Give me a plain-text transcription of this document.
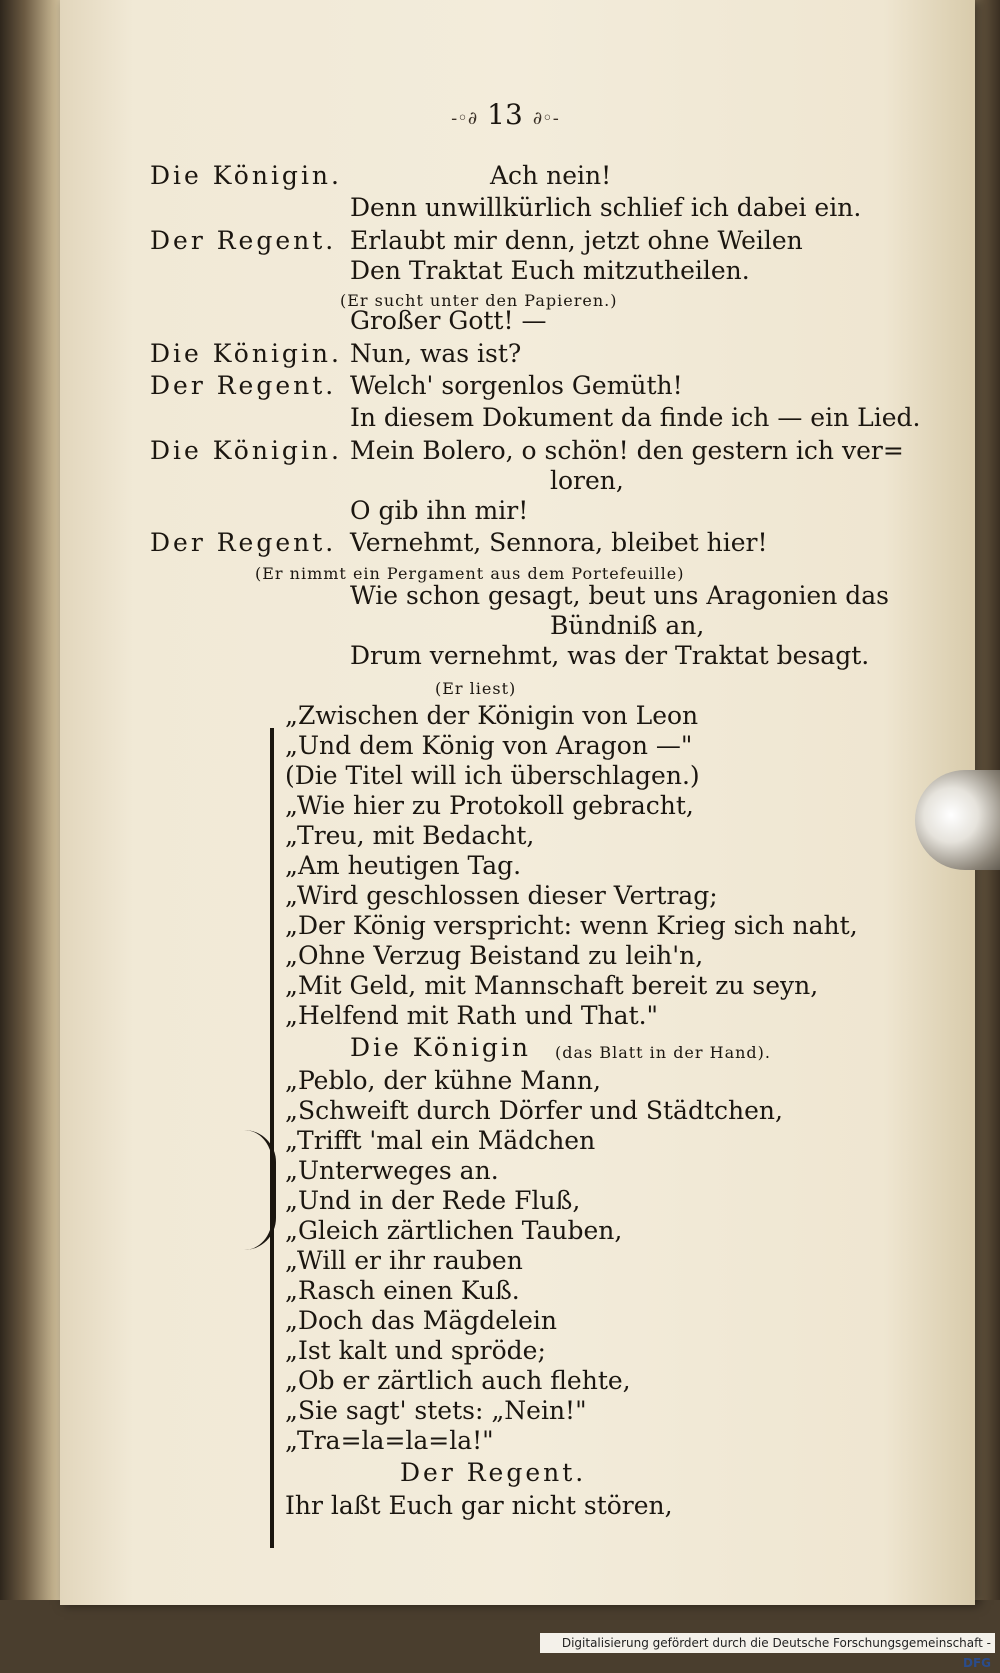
-◦∂ 13 ∂◦-
Die Königin.	Ach nein!
Denn unwillkürlich schlief ich dabei ein.
Der Regent. Erlaubt mir denn, jetzt ohne Weilen
Den Traktat Euch mitzutheilen.
(Er sucht unter den Papieren.)
Großer Gott! —
Die Königin. Nun, was ist?
Der Regent. Welch' sorgenlos Gemüth!
In diesem Dokument da finde ich — ein Lied.
Die Königin. Mein Bolero, o schön! den gestern ich ver=
loren,
O gib ihn mir!
Der Regent. Vernehmt, Sennora, bleibet hier!
(Er nimmt ein Pergament aus dem Portefeuille)
Wie schon gesagt, beut uns Aragonien das
Bündniß an,
Drum vernehmt, was der Traktat besagt.
(Er liest)
„Zwischen der Königin von Leon
„Und dem König von Aragon —"
(Die Titel will ich überschlagen.)
„Wie hier zu Protokoll gebracht,
„Treu, mit Bedacht,
„Am heutigen Tag.
„Wird geschlossen dieser Vertrag;
„Der König verspricht: wenn Krieg sich naht,
„Ohne Verzug Beistand zu leih'n,
„Mit Geld, mit Mannschaft bereit zu seyn,
„Helfend mit Rath und That."
Die Königin (das Blatt in der Hand).
„Peblo, der kühne Mann,
„Schweift durch Dörfer und Städtchen,
„Trifft 'mal ein Mädchen
„Unterweges an.
„Und in der Rede Fluß,
„Gleich zärtlichen Tauben,
„Will er ihr rauben
„Rasch einen Kuß.
„Doch das Mägdelein
„Ist kalt und spröde;
„Ob er zärtlich auch flehte,
„Sie sagt' stets: „Nein!"
„Tra=la=la=la!"
Der Regent.
Ihr laßt Euch gar nicht stören,
Digitalisierung gefördert durch die Deutsche Forschungsgemeinschaft -DFG
